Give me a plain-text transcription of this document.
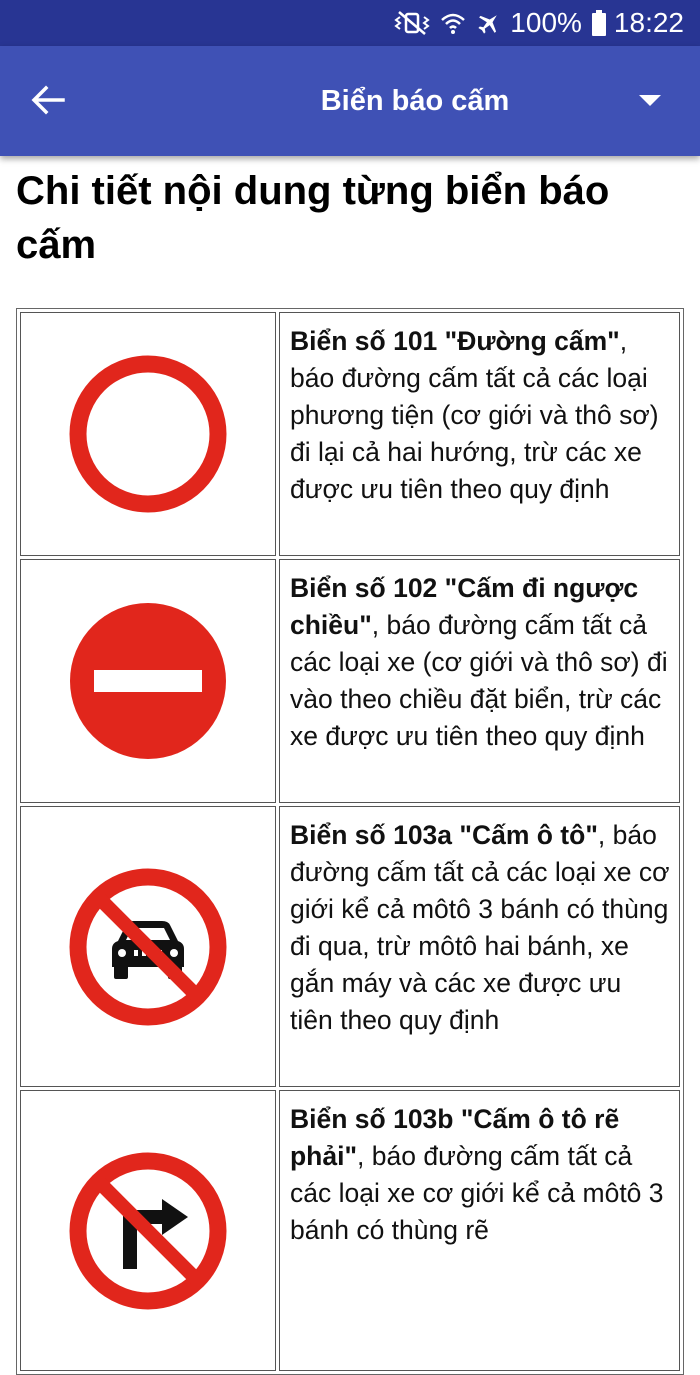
100% 18:22
Biển báo cấm
Chi tiết nội dung từng biển báo cấm
	Biển số 101 "Đường cấm", báo đường cấm tất cả các loại phương tiện (cơ giới và thô sơ) đi lại cả hai hướng, trừ các xe được ưu tiên theo quy định

	Biển số 102 "Cấm đi ngược chiều", báo đường cấm tất cả các loại xe (cơ giới và thô sơ) đi vào theo chiều đặt biển, trừ các xe được ưu tiên theo quy định

	Biển số 103a "Cấm ô tô", báo đường cấm tất cả các loại xe cơ giới kể cả môtô 3 bánh có thùng đi qua, trừ môtô hai bánh, xe gắn máy và các xe được ưu tiên theo quy định

	Biển số 103b "Cấm ô tô rẽ phải", báo đường cấm tất cả các loại xe cơ giới kể cả môtô 3 bánh có thùng rẽ
